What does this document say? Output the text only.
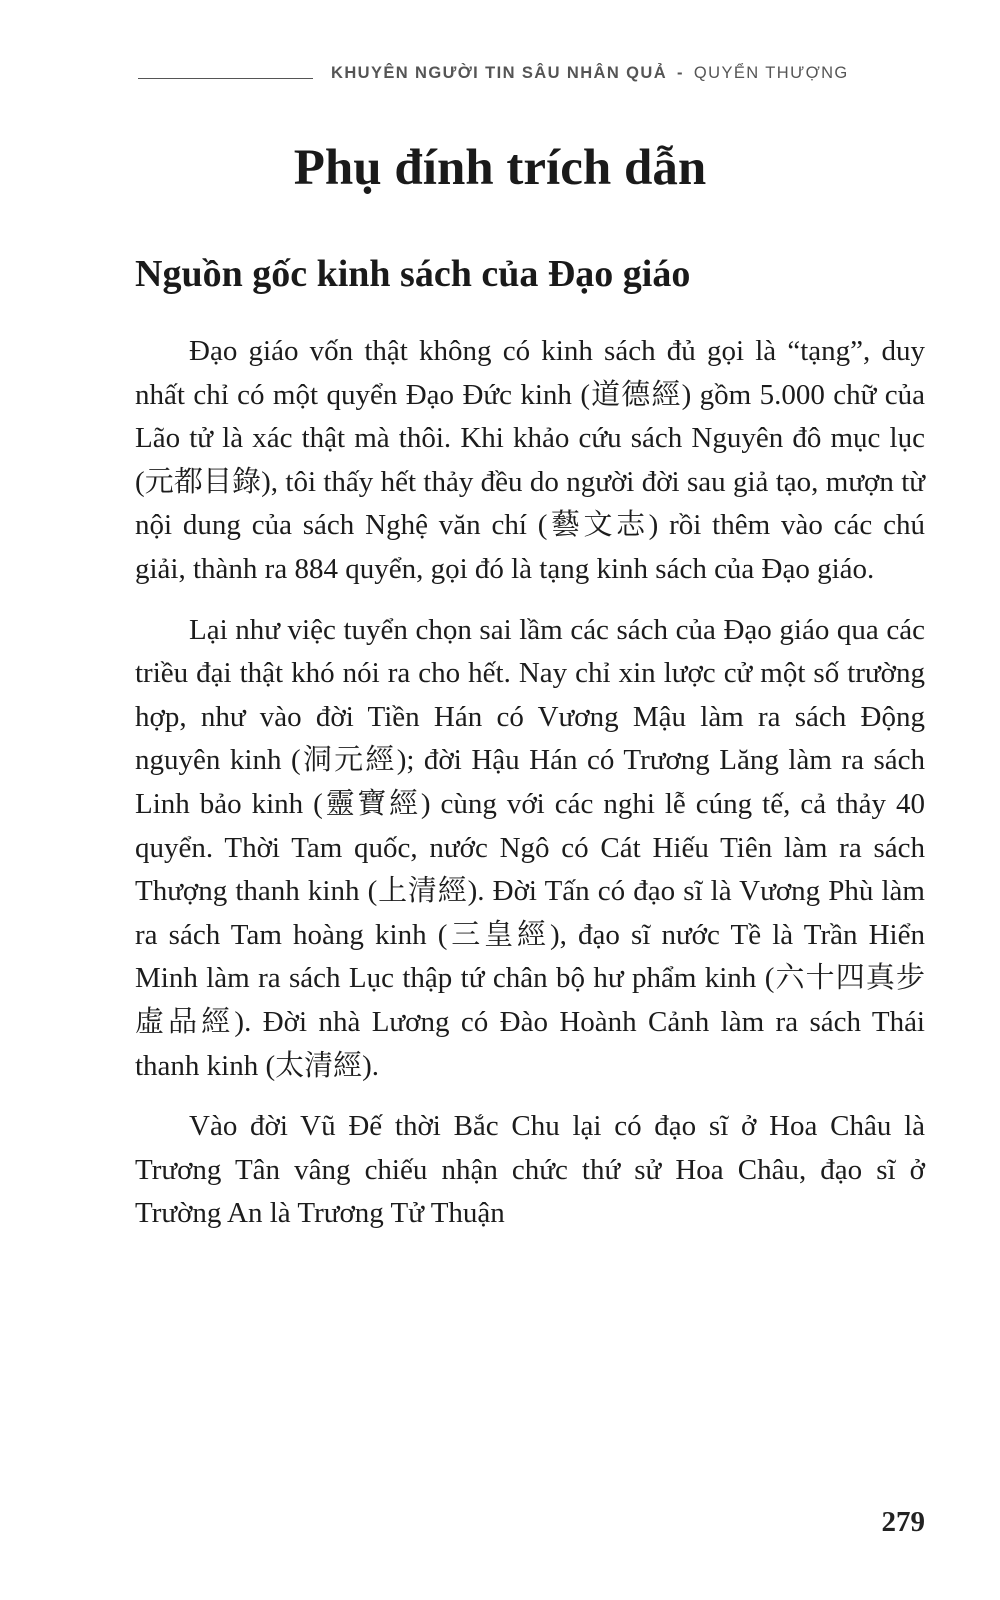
KHUYÊN NGƯỜI TIN SÂU NHÂN QUẢ - QUYỂN THƯỢNG
Phụ đính trích dẫn
Nguồn gốc kinh sách của Đạo giáo

Đạo giáo vốn thật không có kinh sách đủ gọi là “tạng”, duy nhất chỉ có một quyển Đạo Đức kinh (道德經) gồm 5.000 chữ của Lão tử là xác thật mà thôi. Khi khảo cứu sách Nguyên đô mục lục (元都目錄), tôi thấy hết thảy đều do người đời sau giả tạo, mượn từ nội dung của sách Nghệ văn chí (藝文志) rồi thêm vào các chú giải, thành ra 884 quyển, gọi đó là tạng kinh sách của Đạo giáo.

Lại như việc tuyển chọn sai lầm các sách của Đạo giáo qua các triều đại thật khó nói ra cho hết. Nay chỉ xin lược cử một số trường hợp, như vào đời Tiền Hán có Vương Mậu làm ra sách Động nguyên kinh (洞元經); đời Hậu Hán có Trương Lăng làm ra sách Linh bảo kinh (靈寶經) cùng với các nghi lễ cúng tế, cả thảy 40 quyển. Thời Tam quốc, nước Ngô có Cát Hiếu Tiên làm ra sách Thượng thanh kinh (上清經). Đời Tấn có đạo sĩ là Vương Phù làm ra sách Tam hoàng kinh (三皇經), đạo sĩ nước Tề là Trần Hiển Minh làm ra sách Lục thập tứ chân bộ hư phẩm kinh (六十四真步虛品經). Đời nhà Lương có Đào Hoành Cảnh làm ra sách Thái thanh kinh (太清經).

Vào đời Vũ Đế thời Bắc Chu lại có đạo sĩ ở Hoa Châu là Trương Tân vâng chiếu nhận chức thứ sử Hoa Châu, đạo sĩ ở Trường An là Trương Tử Thuận

279
